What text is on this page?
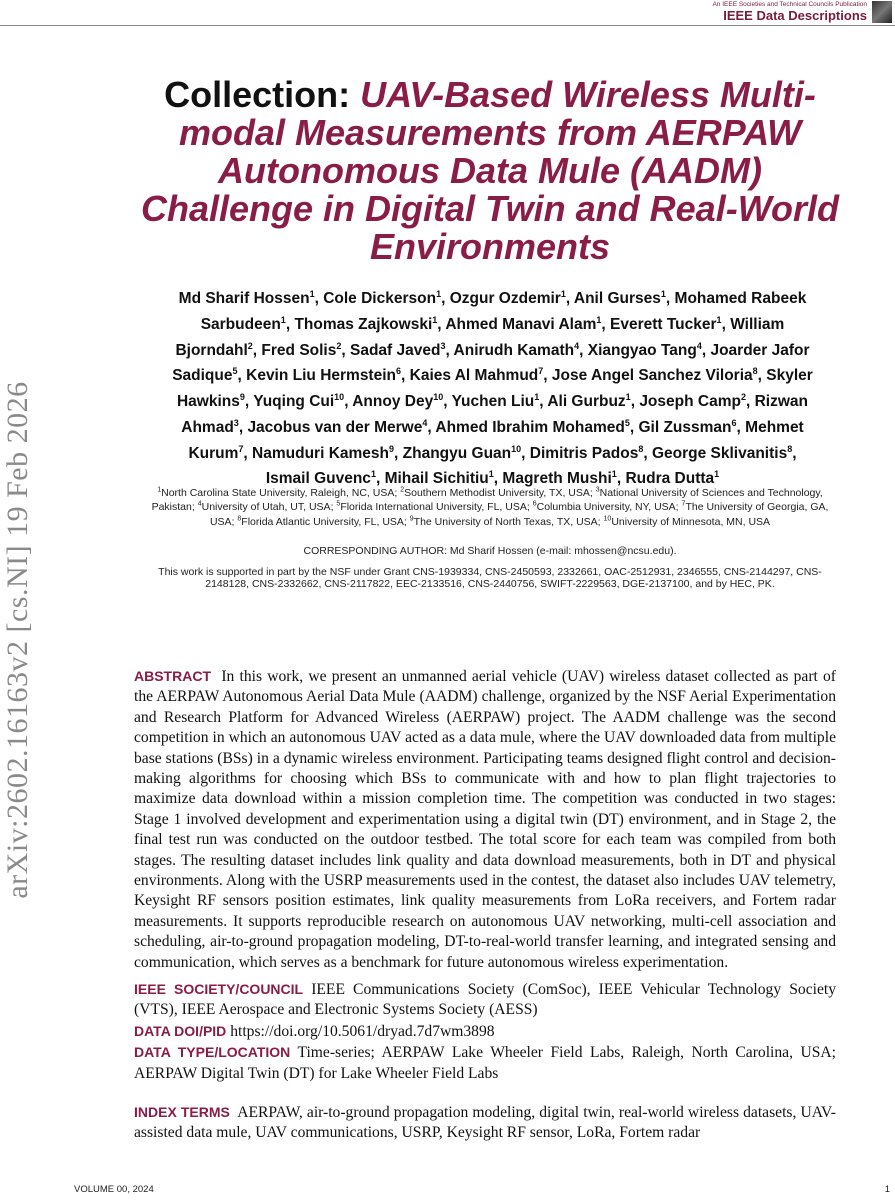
An IEEE Societies and Technical Councils Publication
IEEE Data Descriptions
arXiv:2602.16163v2 [cs.NI] 19 Feb 2026
Collection: UAV-Based Wireless Multi-modal Measurements from AERPAW Autonomous Data Mule (AADM) Challenge in Digital Twin and Real-World Environments
Md Sharif Hossen$^1$, Cole Dickerson$^1$, Ozgur Ozdemir$^1$, Anil Gurses$^1$, Mohamed Rabeek Sarbudeen$^1$, Thomas Zajkowski$^1$, Ahmed Manavi Alam$^1$, Everett Tucker$^1$, William Bjorndahl$^2$, Fred Solis$^2$, Sadaf Javed$^3$, Anirudh Kamath$^4$, Xiangyao Tang$^4$, Joarder Jafor Sadique$^5$, Kevin Liu Hermstein$^6$, Kaies Al Mahmud$^7$, Jose Angel Sanchez Viloria$^8$, Skyler Hawkins$^9$, Yuqing Cui$^{10}$, Annoy Dey$^{10}$, Yuchen Liu$^1$, Ali Gurbuz$^1$, Joseph Camp$^2$, Rizwan Ahmad$^3$, Jacobus van der Merwe$^4$, Ahmed Ibrahim Mohamed$^5$, Gil Zussman$^6$, Mehmet Kurum$^7$, Namuduri Kamesh$^9$, Zhangyu Guan$^{10}$, Dimitris Pados$^8$, George Sklivanitis$^8$, Ismail Guvenc$^1$, Mihail Sichitiu$^1$, Magreth Mushi$^1$, Rudra Dutta$^1$
$^1$North Carolina State University, Raleigh, NC, USA; $^2$Southern Methodist University, TX, USA; $^3$National University of Sciences and Technology, Pakistan; $^4$University of Utah, UT, USA; $^5$Florida International University, FL, USA; $^6$Columbia University, NY, USA; $^7$The University of Georgia, GA, USA; $^8$Florida Atlantic University, FL, USA; $^9$The University of North Texas, TX, USA; $^{10}$University of Minnesota, MN, USA
CORRESPONDING AUTHOR: Md Sharif Hossen (e-mail: mhossen@ncsu.edu).
This work is supported in part by the NSF under Grant CNS-1939334, CNS-2450593, 2332661, OAC-2512931, 2346555, CNS-2144297, CNS-2148128, CNS-2332662, CNS-2117822, EEC-2133516, CNS-2440756, SWIFT-2229563, DGE-2137100, and by HEC, PK.
ABSTRACT In this work, we present an unmanned aerial vehicle (UAV) wireless dataset collected as part of the AERPAW Autonomous Aerial Data Mule (AADM) challenge, organized by the NSF Aerial Experimentation and Research Platform for Advanced Wireless (AERPAW) project. The AADM challenge was the second competition in which an autonomous UAV acted as a data mule, where the UAV downloaded data from multiple base stations (BSs) in a dynamic wireless environment. Participating teams designed flight control and decision-making algorithms for choosing which BSs to communicate with and how to plan flight trajectories to maximize data download within a mission completion time. The competition was conducted in two stages: Stage 1 involved development and experimentation using a digital twin (DT) environment, and in Stage 2, the final test run was conducted on the outdoor testbed. The total score for each team was compiled from both stages. The resulting dataset includes link quality and data download measurements, both in DT and physical environments. Along with the USRP measurements used in the contest, the dataset also includes UAV telemetry, Keysight RF sensors position estimates, link quality measurements from LoRa receivers, and Fortem radar measurements. It supports reproducible research on autonomous UAV networking, multi-cell association and scheduling, air-to-ground propagation modeling, DT-to-real-world transfer learning, and integrated sensing and communication, which serves as a benchmark for future autonomous wireless experimentation.

IEEE SOCIETY/COUNCIL IEEE Communications Society (ComSoc), IEEE Vehicular Technology Society (VTS), IEEE Aerospace and Electronic Systems Society (AESS)

DATA DOI/PID https://doi.org/10.5061/dryad.7d7wm3898

DATA TYPE/LOCATION Time-series; AERPAW Lake Wheeler Field Labs, Raleigh, North Carolina, USA; AERPAW Digital Twin (DT) for Lake Wheeler Field Labs

INDEX TERMS AERPAW, air-to-ground propagation modeling, digital twin, real-world wireless datasets, UAV-assisted data mule, UAV communications, USRP, Keysight RF sensor, LoRa, Fortem radar
VOLUME 00, 2024	1
